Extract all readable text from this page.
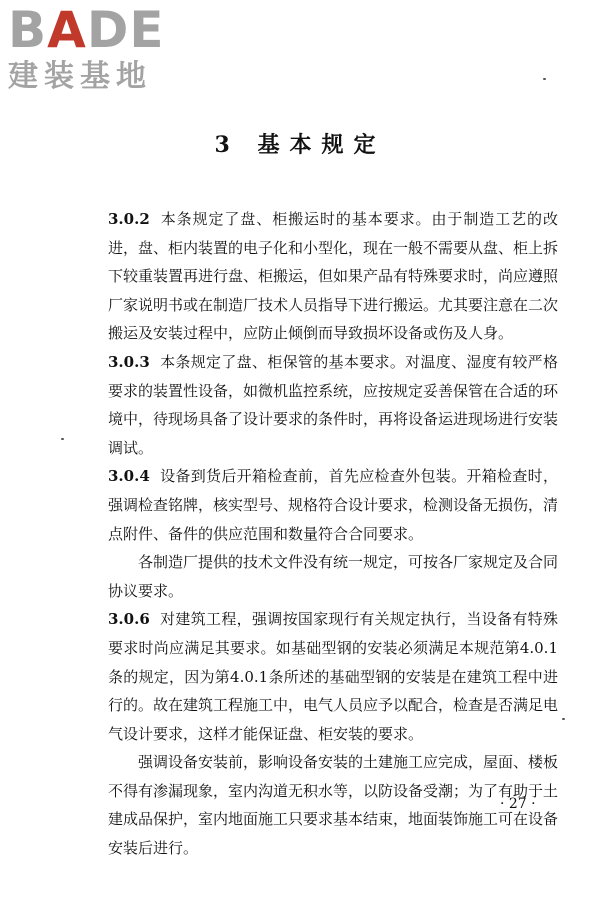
BADE
建装基地
3 基本规定

3.0.2 本条规定了盘、柜搬运时的基本要求。由于制造工艺的改进，盘、柜内装置的电子化和小型化，现在一般不需要从盘、柜上拆下较重装置再进行盘、柜搬运，但如果产品有特殊要求时，尚应遵照厂家说明书或在制造厂技术人员指导下进行搬运。尤其要注意在二次搬运及安装过程中，应防止倾倒而导致损坏设备或伤及人身。

3.0.3 本条规定了盘、柜保管的基本要求。对温度、湿度有较严格要求的装置性设备，如微机监控系统，应按规定妥善保管在合适的环境中，待现场具备了设计要求的条件时，再将设备运进现场进行安装调试。

3.0.4 设备到货后开箱检查前，首先应检查外包装。开箱检查时，强调检查铭牌，核实型号、规格符合设计要求，检测设备无损伤，清点附件、备件的供应范围和数量符合合同要求。

各制造厂提供的技术文件没有统一规定，可按各厂家规定及合同协议要求。

3.0.6 对建筑工程，强调按国家现行有关规定执行，当设备有特殊要求时尚应满足其要求。如基础型钢的安装必须满足本规范第4.0.1条的规定，因为第4.0.1条所述的基础型钢的安装是在建筑工程中进行的。故在建筑工程施工中，电气人员应予以配合，检查是否满足电气设计要求，这样才能保证盘、柜安装的要求。

强调设备安装前，影响设备安装的土建施工应完成，屋面、楼板不得有渗漏现象，室内沟道无积水等，以防设备受潮；为了有助于土建成品保护，室内地面施工只要求基本结束，地面装饰施工可在设备安装后进行。

· 27 ·
